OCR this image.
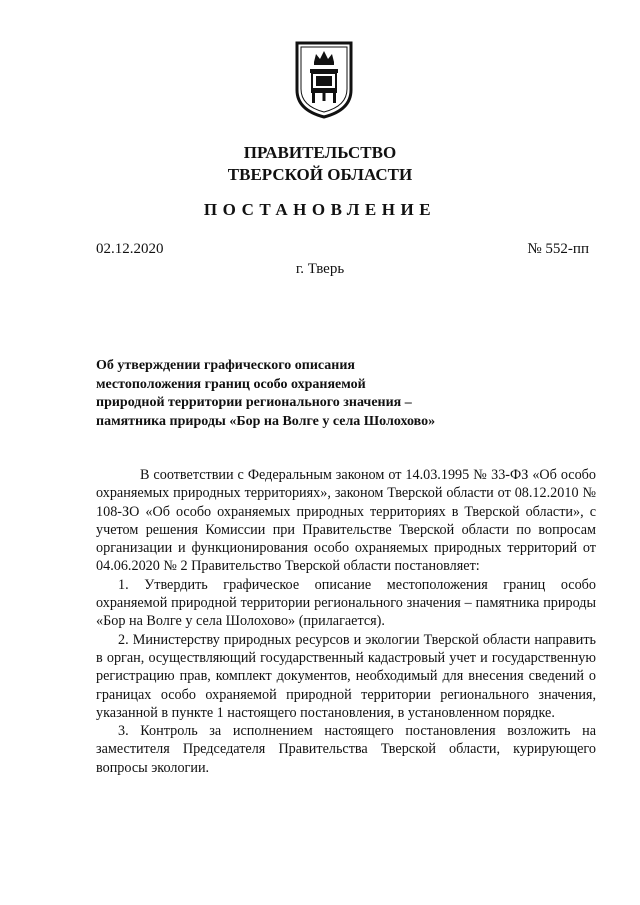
ПРАВИТЕЛЬСТВО
ТВЕРСКОЙ ОБЛАСТИ
ПОСТАНОВЛЕНИЕ
02.12.2020	№ 552-пп
г. Тверь
Об утверждении графического описания
местоположения границ особо охраняемой
природной территории регионального значения –
памятника природы «Бор на Волге у села Шолохово»

В соответствии с Федеральным законом от 14.03.1995 № 33-ФЗ «Об особо охраняемых природных территориях», законом Тверской области от 08.12.2010 № 108-ЗО «Об особо охраняемых природных территориях в Тверской области», с учетом решения Комиссии при Правительстве Тверской области по вопросам организации и функционирования особо охраняемых природных территорий от 04.06.2020 № 2 Правительство Тверской области постановляет:

1. Утвердить графическое описание местоположения границ особо охраняемой природной территории регионального значения – памятника природы «Бор на Волге у села Шолохово» (прилагается).

2. Министерству природных ресурсов и экологии Тверской области направить в орган, осуществляющий государственный кадастровый учет и государственную регистрацию прав, комплект документов, необходимый для внесения сведений о границах особо охраняемой природной территории регионального значения, указанной в пункте 1 настоящего постановления, в установленном порядке.

3. Контроль за исполнением настоящего постановления возложить на заместителя Председателя Правительства Тверской области, курирующего вопросы экологии.
